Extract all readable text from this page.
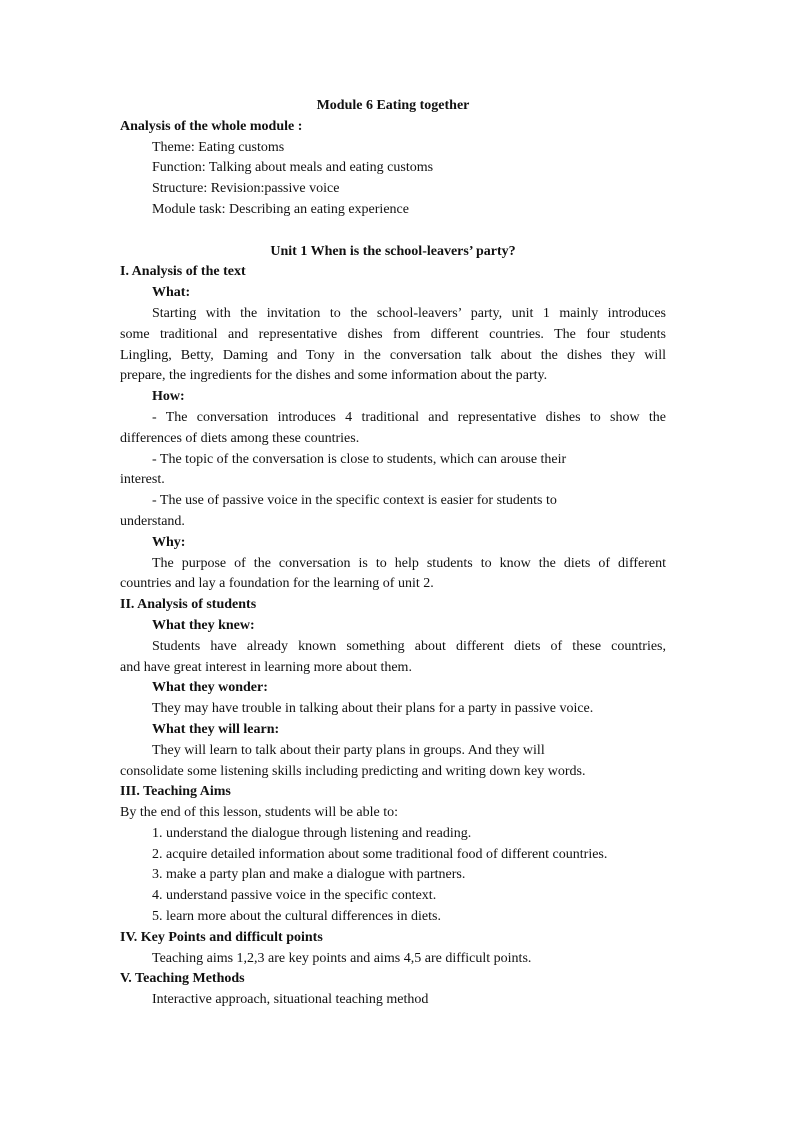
Module 6 Eating together
Analysis of the whole module :
Theme: Eating customs
Function: Talking about meals and eating customs
Structure: Revision:passive voice
Module task: Describing an eating experience
Unit 1 When is the school-leavers’ party?
I. Analysis of the text
What:
Starting with the invitation to the school-leavers’ party, unit 1 mainly introduces
some traditional and representative dishes from different countries. The four students
Lingling, Betty, Daming and Tony in the conversation talk about the dishes they will
prepare, the ingredients for the dishes and some information about the party.
How:
- The conversation introduces 4 traditional and representative dishes to show the
differences of diets among these countries.
- The topic of the conversation is close to students, which can arouse their
interest.
- The use of passive voice in the specific context is easier for students to
understand.
Why:
The purpose of the conversation is to help students to know the diets of different
countries and lay a foundation for the learning of unit 2.
II. Analysis of students
What they knew:
Students have already known something about different diets of these countries,
and have great interest in learning more about them.
What they wonder:
They may have trouble in talking about their plans for a party in passive voice.
What they will learn:
They will learn to talk about their party plans in groups. And they will
consolidate some listening skills including predicting and writing down key words.
III. Teaching Aims
By the end of this lesson, students will be able to:
1. understand the dialogue through listening and reading.
2. acquire detailed information about some traditional food of different countries.
3. make a party plan and make a dialogue with partners.
4. understand passive voice in the specific context.
5. learn more about the cultural differences in diets.
IV. Key Points and difficult points
Teaching aims 1,2,3 are key points and aims 4,5 are difficult points.
V. Teaching Methods
Interactive approach, situational teaching method
